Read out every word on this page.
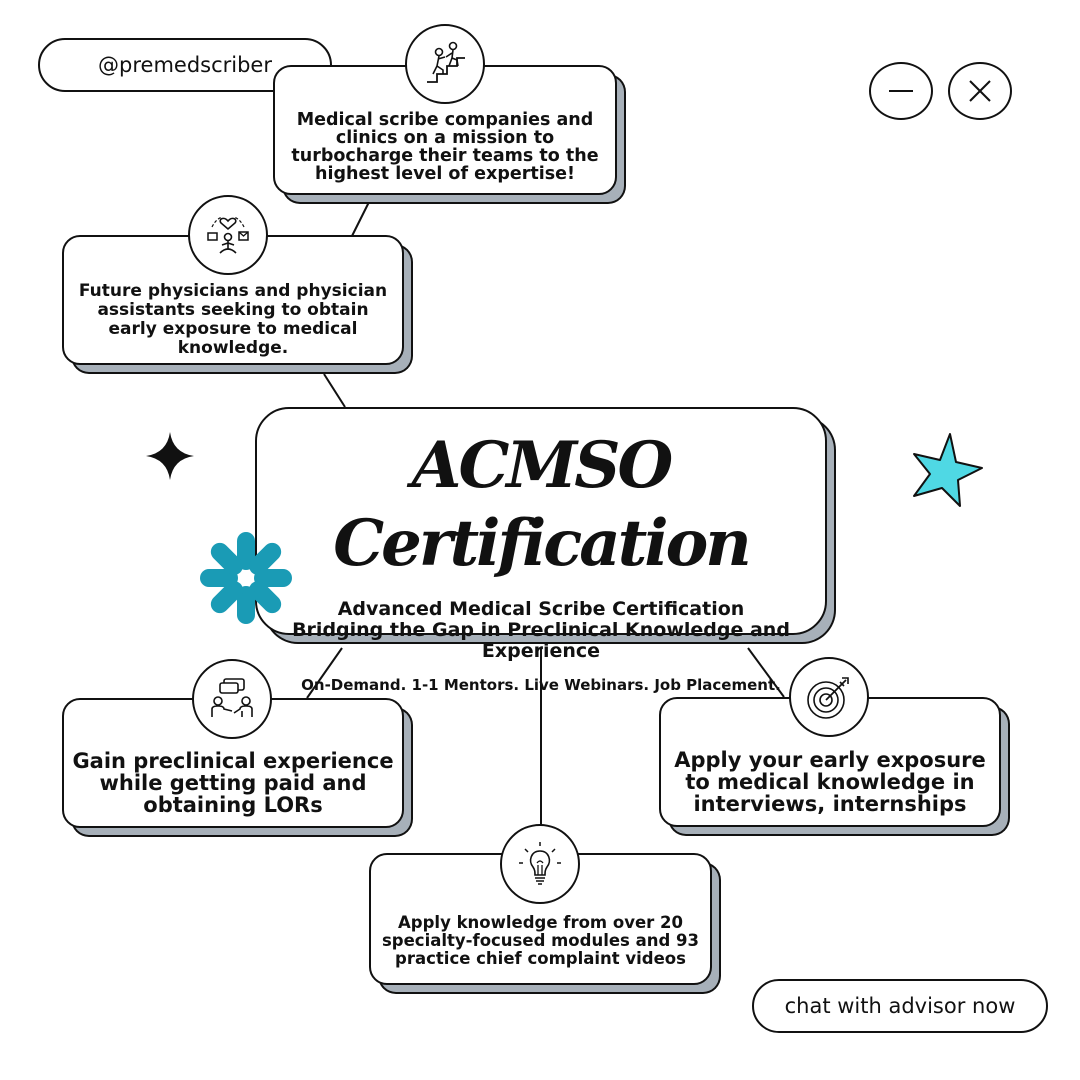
@premedscriber
Medical scribe companies and clinics on a mission to turbocharge their teams to the highest level of expertise!
Future physicians and physician assistants seeking to obtain early exposure to medical knowledge.
ACMSO Certification
Advanced Medical Scribe Certification
Bridging the Gap in Preclinical Knowledge and Experience
On-Demand. 1-1 Mentors. Live Webinars. Job Placement.
Gain preclinical experience while getting paid and obtaining LORs
Apply your early exposure to medical knowledge in interviews, internships
Apply knowledge from over 20 specialty-focused modules and 93 practice chief complaint videos
chat with advisor now
